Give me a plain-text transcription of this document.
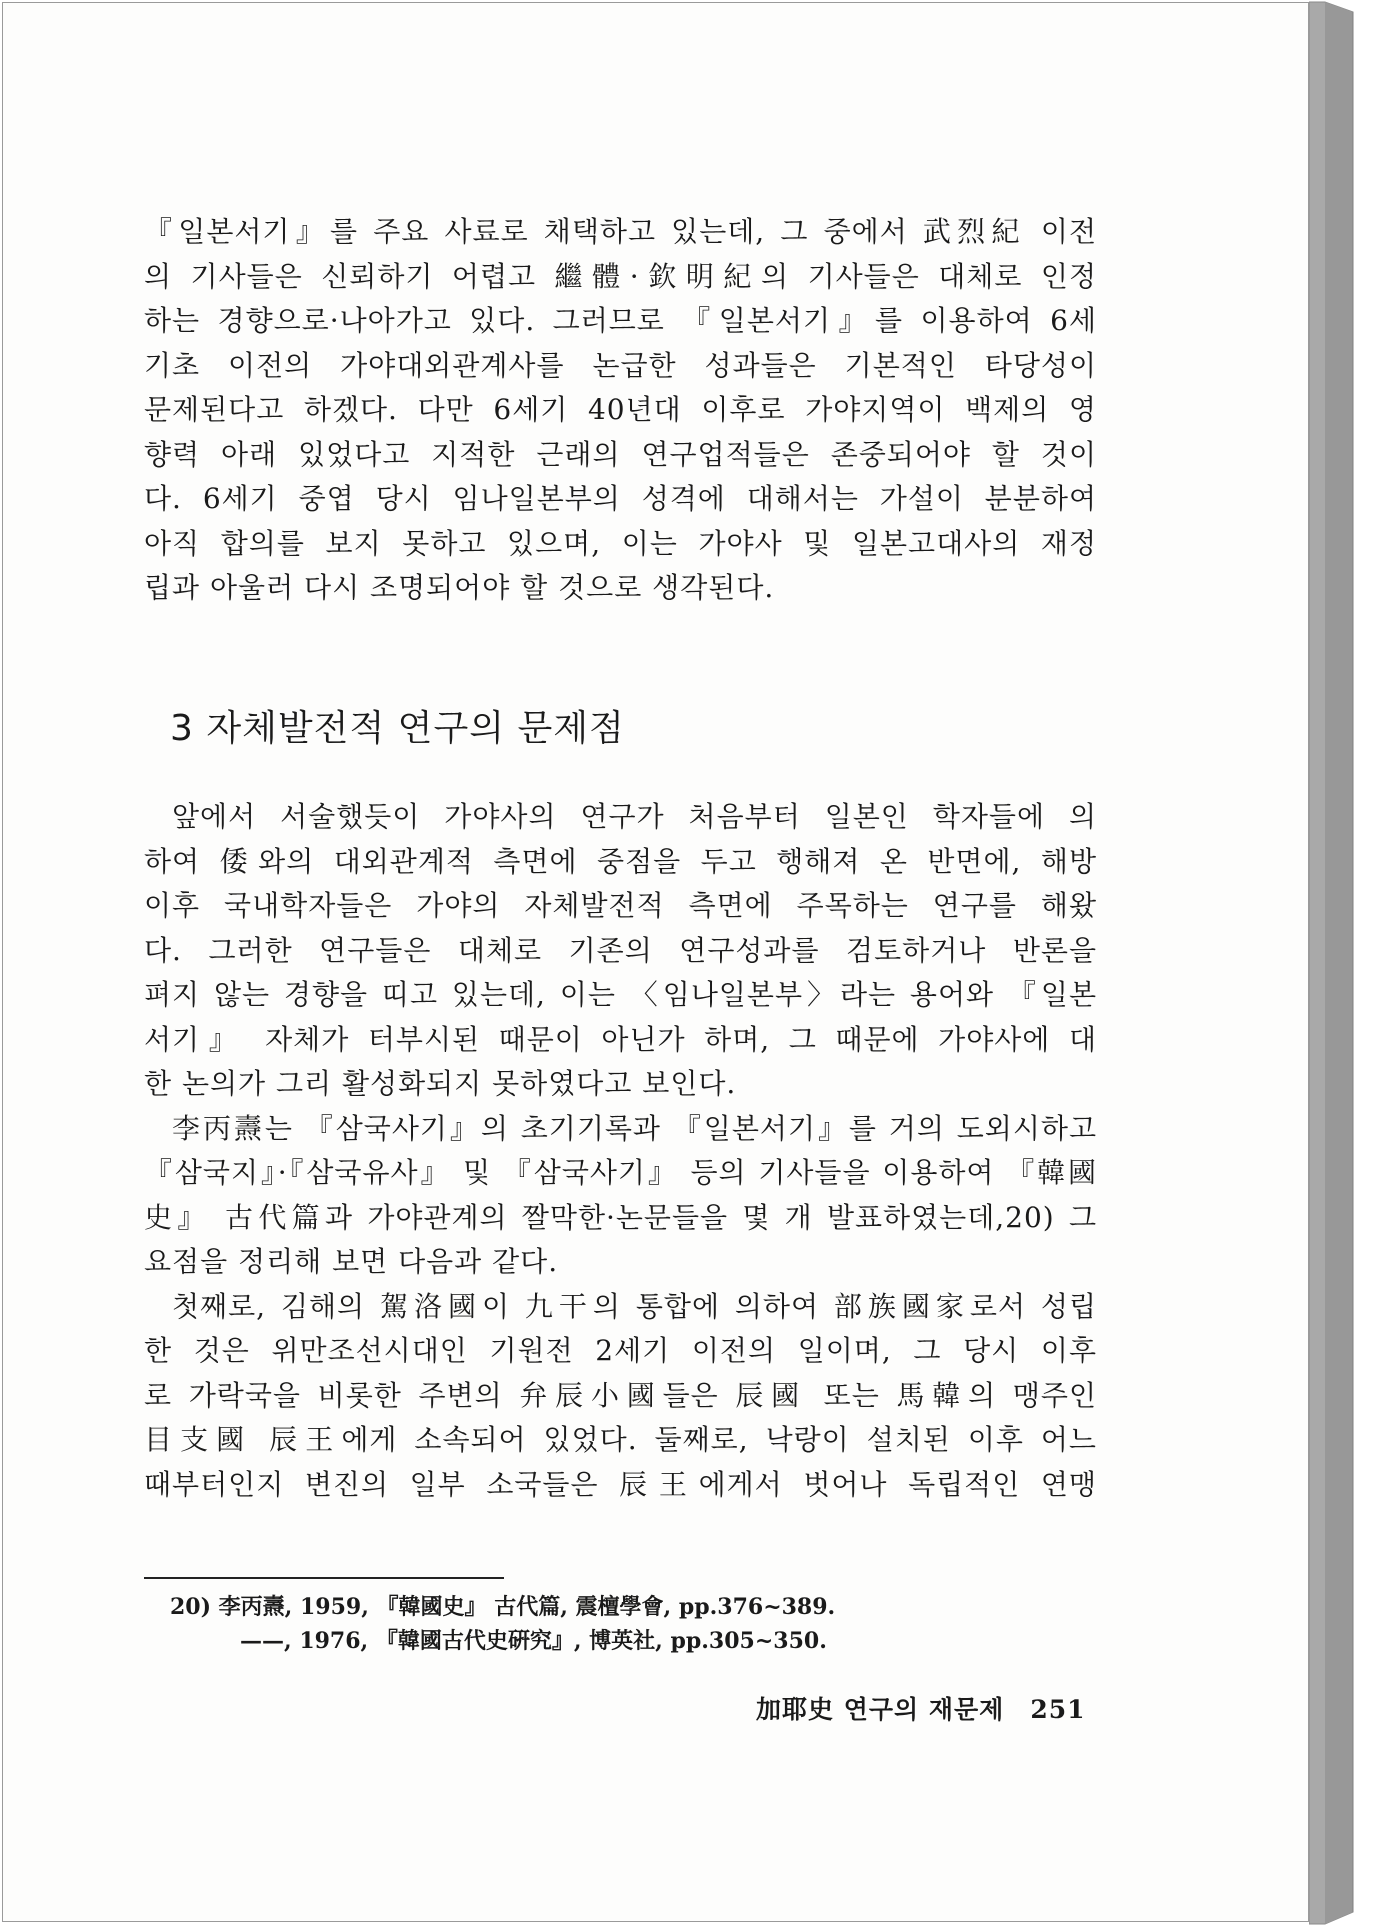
『일본서기』를 주요 사료로 채택하고 있는데, 그 중에서 武烈紀 이전
의 기사들은 신뢰하기 어렵고 繼體·欽明紀의 기사들은 대체로 인정
하는 경향으로·나아가고 있다. 그러므로 『일본서기』를 이용하여 6세
기초 이전의 가야대외관계사를 논급한 성과들은 기본적인 타당성이
문제된다고 하겠다. 다만 6세기 40년대 이후로 가야지역이 백제의 영
향력 아래 있었다고 지적한 근래의 연구업적들은 존중되어야 할 것이
다. 6세기 중엽 당시 임나일본부의 성격에 대해서는 가설이 분분하여
아직 합의를 보지 못하고 있으며, 이는 가야사 및 일본고대사의 재정
립과 아울러 다시 조명되어야 할 것으로 생각된다.
3 자체발전적 연구의 문제점
앞에서 서술했듯이 가야사의 연구가 처음부터 일본인 학자들에 의
하여 倭와의 대외관계적 측면에 중점을 두고 행해져 온 반면에, 해방
이후 국내학자들은 가야의 자체발전적 측면에 주목하는 연구를 해왔
다. 그러한 연구들은 대체로 기존의 연구성과를 검토하거나 반론을
펴지 않는 경향을 띠고 있는데, 이는 〈임나일본부〉라는 용어와 『일본
서기』 자체가 터부시된 때문이 아닌가 하며, 그 때문에 가야사에 대
한 논의가 그리 활성화되지 못하였다고 보인다.
李丙燾는 『삼국사기』의 초기기록과 『일본서기』를 거의 도외시하고
『삼국지』·『삼국유사』 및 『삼국사기』 등의 기사들을 이용하여 『韓國
史』 古代篇과 가야관계의 짤막한·논문들을 몇 개 발표하였는데,20) 그
요점을 정리해 보면 다음과 같다.
첫째로, 김해의 駕洛國이 九干의 통합에 의하여 部族國家로서 성립
한 것은 위만조선시대인 기원전 2세기 이전의 일이며, 그 당시 이후
로 가락국을 비롯한 주변의 弁辰小國들은 辰國 또는 馬韓의 맹주인
目支國 辰王에게 소속되어 있었다. 둘째로, 낙랑이 설치된 이후 어느
때부터인지 변진의 일부 소국들은 辰王에게서 벗어나 독립적인 연맹
20) 李丙燾, 1959, 『韓國史』 古代篇, 震檀學會, pp.376~389.
——, 1976, 『韓國古代史硏究』, 博英社, pp.305~350.
加耶史 연구의 재문제 251
